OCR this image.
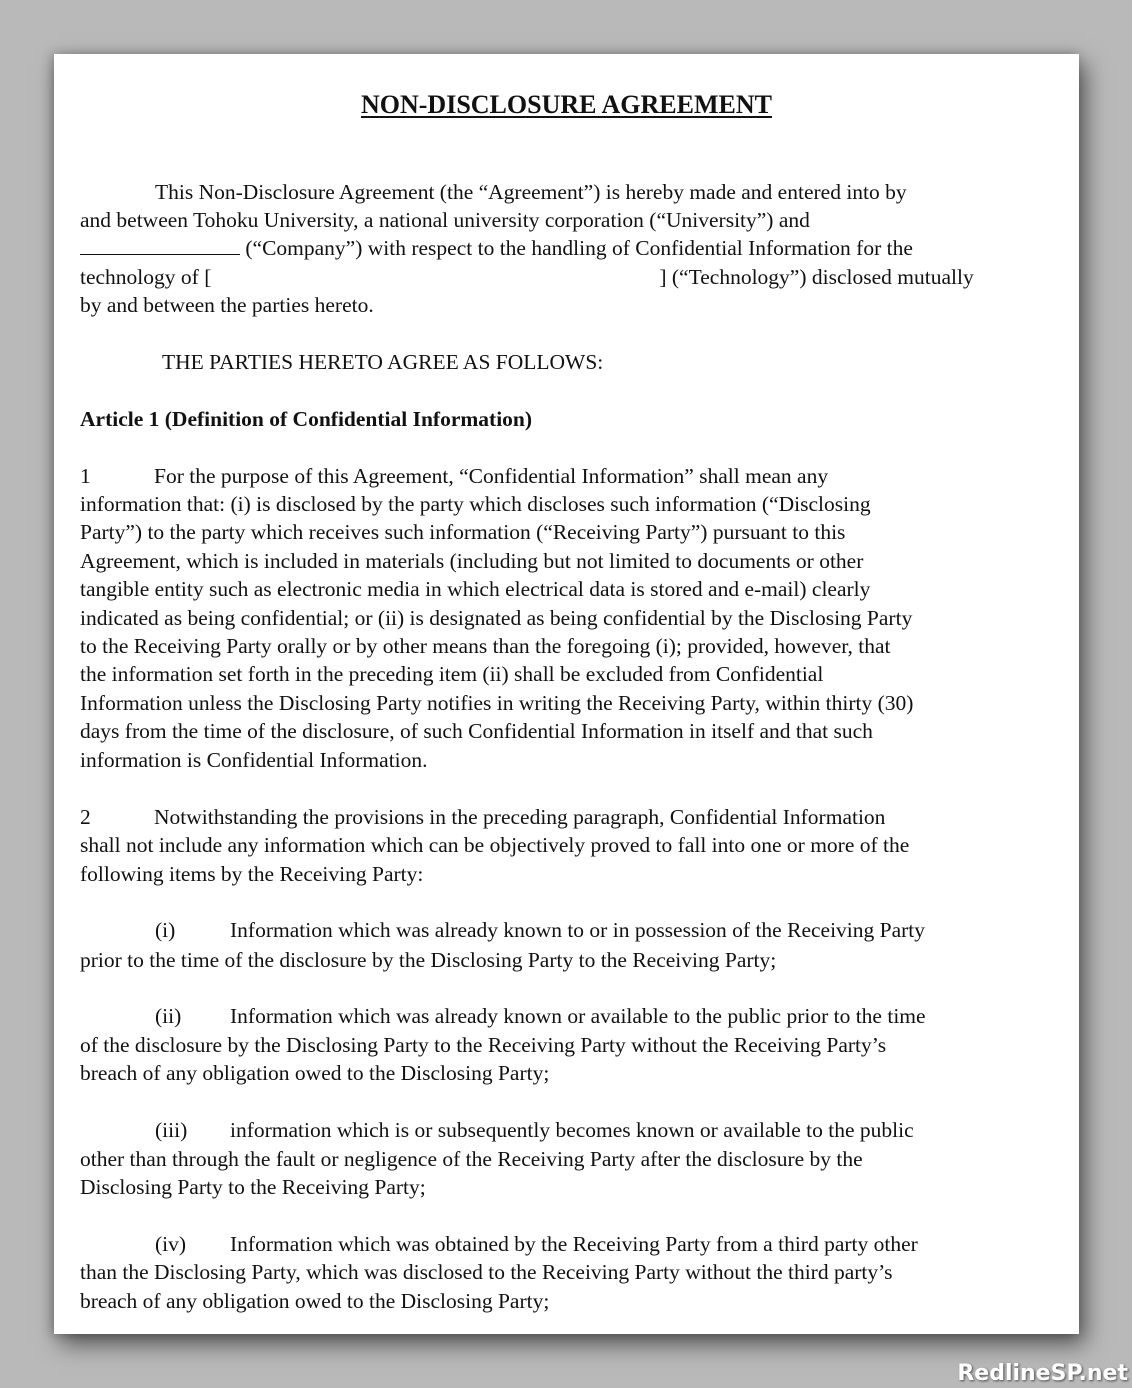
NON-DISCLOSURE AGREEMENT
This Non-Disclosure Agreement (the “Agreement”) is hereby made and entered into by
and between Tohoku University, a national university corporation (“University”) and
(“Company”) with respect to the handling of Confidential Information for the
technology of [	] (“Technology”) disclosed mutually
by and between the parties hereto.
THE PARTIES HERETO AGREE AS FOLLOWS:
Article 1 (Definition of Confidential Information)
1	For the purpose of this Agreement, “Confidential Information” shall mean any
information that: (i) is disclosed by the party which discloses such information (“Disclosing
Party”) to the party which receives such information (“Receiving Party”) pursuant to this
Agreement, which is included in materials (including but not limited to documents or other
tangible entity such as electronic media in which electrical data is stored and e-mail) clearly
indicated as being confidential; or (ii) is designated as being confidential by the Disclosing Party
to the Receiving Party orally or by other means than the foregoing (i); provided, however, that
the information set forth in the preceding item (ii) shall be excluded from Confidential
Information unless the Disclosing Party notifies in writing the Receiving Party, within thirty (30)
days from the time of the disclosure, of such Confidential Information in itself and that such
information is Confidential Information.
2	Notwithstanding the provisions in the preceding paragraph, Confidential Information
shall not include any information which can be objectively proved to fall into one or more of the
following items by the Receiving Party:
(i)	Information which was already known to or in possession of the Receiving Party
prior to the time of the disclosure by the Disclosing Party to the Receiving Party;
(ii) Information which was already known or available to the public prior to the time
of the disclosure by the Disclosing Party to the Receiving Party without the Receiving Party’s
breach of any obligation owed to the Disclosing Party;
(iii) information which is or subsequently becomes known or available to the public
other than through the fault or negligence of the Receiving Party after the disclosure by the
Disclosing Party to the Receiving Party;
(iv) Information which was obtained by the Receiving Party from a third party other
than the Disclosing Party, which was disclosed to the Receiving Party without the third party’s
breach of any obligation owed to the Disclosing Party;
RedlineSP.net
